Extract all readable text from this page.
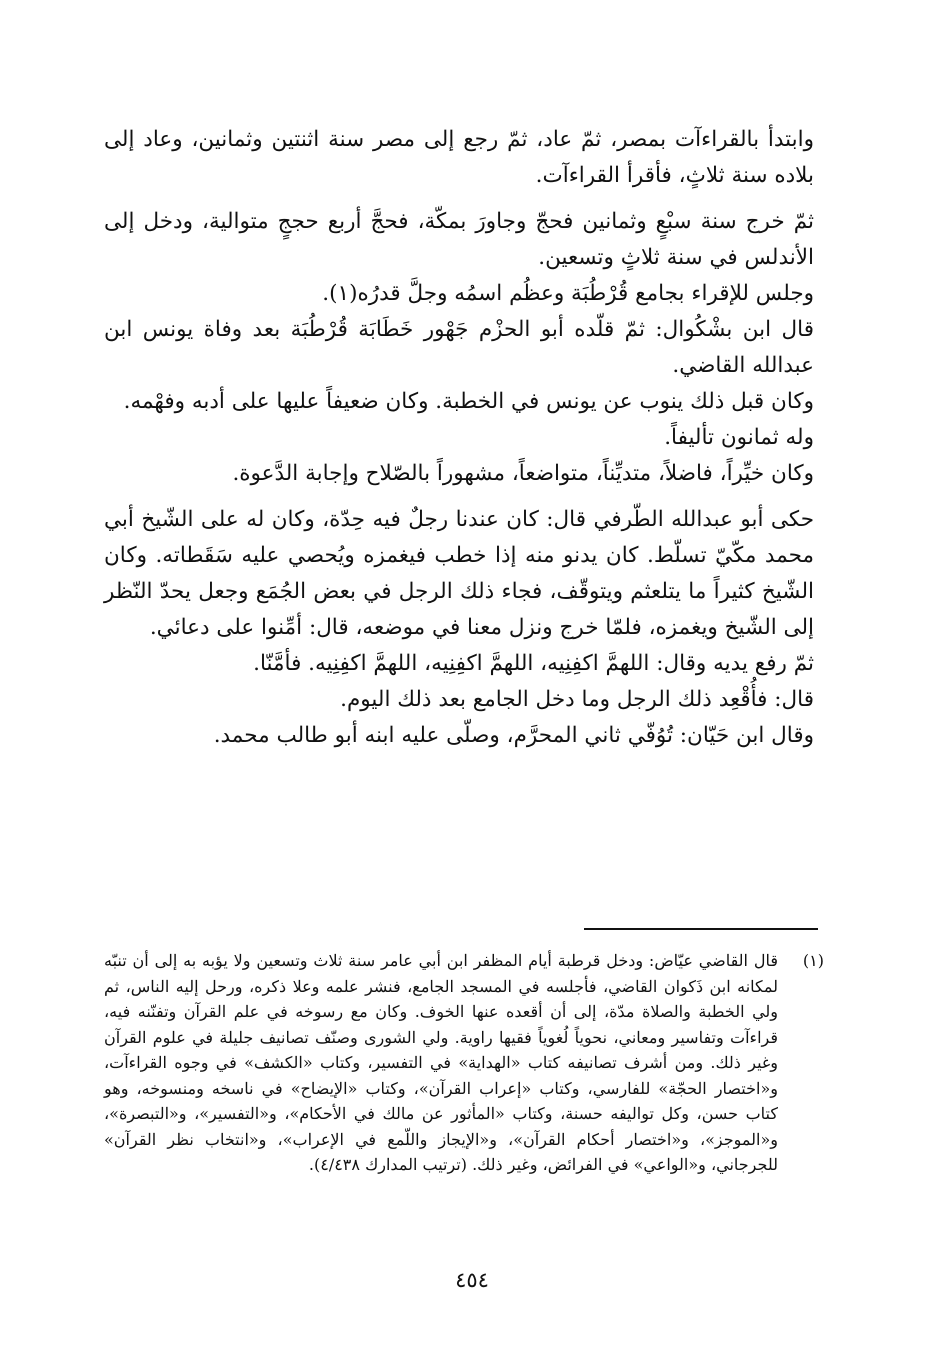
وابتدأ بالقراءآت بمصر، ثمّ عاد، ثمّ رجع إلى مصر سنة اثنتين وثمانين، وعاد إلى بلاده سنة ثلاثٍ، فأقرأ القراءآت.

ثمّ خرج سنة سبْعٍ وثمانين فحجّ وجاورَ بمكّة، فحجَّ أربع حججٍ متوالية، ودخل إلى الأندلس في سنة ثلاثٍ وتسعين.

وجلس للإقراء بجامع قُرْطُبَة وعظُم اسمُه وجلَّ قدرُه(١).

قال ابن بشْكُوال: ثمّ قلّده أبو الحزْم جَهْور خَطَابَة قُرْطُبَة بعد وفاة يونس ابن عبدالله القاضي.

وكان قبل ذلك ينوب عن يونس في الخطبة. وكان ضعيفاً عليها على أدبه وفهْمه.

وله ثمانون تأليفاً.

وكان خيِّراً، فاضلاً، متديِّناً، متواضعاً، مشهوراً بالصّلاح وإجابة الدَّعوة.

حكى أبو عبدالله الطّرفي قال: كان عندنا رجلٌ فيه حِدّة، وكان له على الشّيخ أبي محمد مكّيّ تسلّط. كان يدنو منه إذا خطب فيغمزه ويُحصي عليه سَقَطاته. وكان الشّيخ كثيراً ما يتلعثم ويتوقّف، فجاء ذلك الرجل في بعض الجُمَع وجعل يحدّ النّظر إلى الشّيخ ويغمزه، فلمّا خرج ونزل معنا في موضعه، قال: أمِّنوا على دعائي.

ثمّ رفع يديه وقال: اللهمَّ اكفِنِيه، اللهمَّ اكفِنِيه، اللهمَّ اكفِنِيه. فأمَّنّا.

قال: فأُقْعِد ذلك الرجل وما دخل الجامع بعد ذلك اليوم.

وقال ابن حَيّان: تُوُفّي ثاني المحرَّم، وصلّى عليه ابنه أبو طالب محمد.

(١)
قال القاضي عيّاض: ودخل قرطبة أيام المظفر ابن أبي عامر سنة ثلاث وتسعين ولا يؤبه به إلى أن تنبّه لمكانه ابن ذَكوان القاضي، فأجلسه في المسجد الجامع، فنشر علمه وعلا ذكره، ورحل إليه الناس، ثم ولي الخطبة والصلاة مدّة، إلى أن أقعده عنها الخوف. وكان مع رسوخه في علم القرآن وتفنّنه فيه، قراءآت وتفاسير ومعاني، نحوياً لُغوياً فقيها راوية. ولي الشورى وصنّف تصانيف جليلة في علوم القرآن وغير ذلك. ومن أشرف تصانيفه كتاب «الهداية» في التفسير، وكتاب «الكشف» في وجوه القراءآت، و«اختصار الحجّة» للفارسي، وكتاب «إعراب القرآن»، وكتاب «الإيضاح» في ناسخه ومنسوخه، وهو كتاب حسن، وكل تواليفه حسنة، وكتاب «المأثور عن مالك في الأحكام»، و«التفسير»، و«التبصرة»، و«الموجز»، و«اختصار أحكام القرآن»، و«الإيجاز واللّمع في الإعراب»، و«انتخاب نظر القرآن» للجرجاني، و«الواعي» في الفرائض، وغير ذلك. (ترتيب المدارك ٤/٤٣٨).
٤٥٤
